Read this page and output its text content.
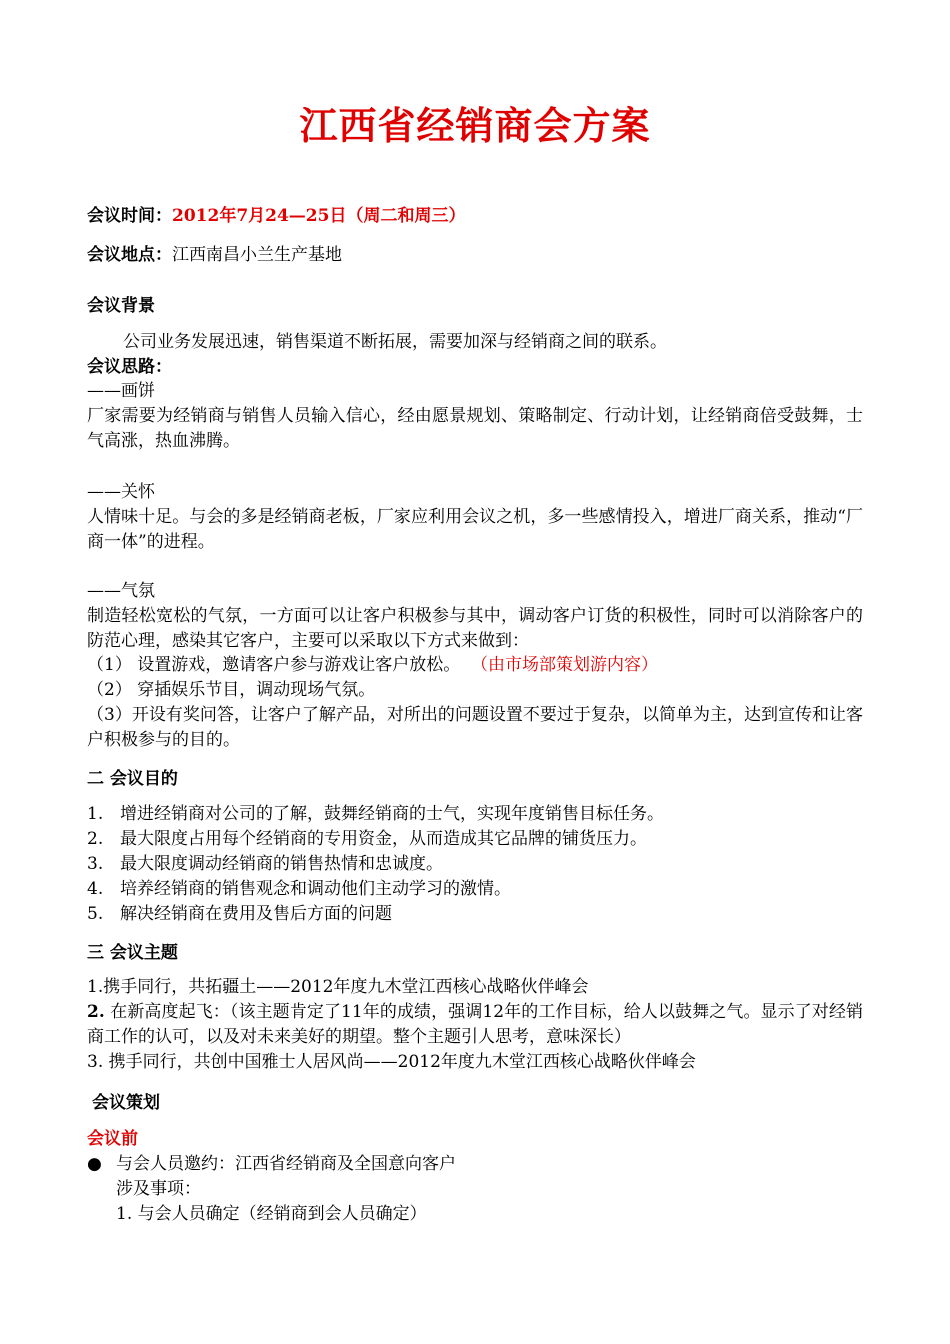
江西省经销商会方案
会议时间：2012年7月24—25日（周二和周三）
会议地点：江西南昌小兰生产基地
会议背景
公司业务发展迅速，销售渠道不断拓展，需要加深与经销商之间的联系。
会议思路：
——画饼
厂家需要为经销商与销售人员输入信心，经由愿景规划、策略制定、行动计划，让经销商倍受鼓舞，士气高涨，热血沸腾。
——关怀
人情味十足。与会的多是经销商老板，厂家应利用会议之机，多一些感情投入，增进厂商关系，推动“厂商一体”的进程。
——气氛
制造轻松宽松的气氛，一方面可以让客户积极参与其中，调动客户订货的积极性，同时可以消除客户的防范心理，感染其它客户，主要可以采取以下方式来做到：
（1） 设置游戏，邀请客户参与游戏让客户放松。 （由市场部策划游内容）
（2） 穿插娱乐节目，调动现场气氛。
（3）开设有奖问答，让客户了解产品，对所出的问题设置不要过于复杂，以简单为主，达到宣传和让客户积极参与的目的。
二 会议目的
1. 增进经销商对公司的了解，鼓舞经销商的士气，实现年度销售目标任务。
2. 最大限度占用每个经销商的专用资金，从而造成其它品牌的铺货压力。
3. 最大限度调动经销商的销售热情和忠诚度。
4. 培养经销商的销售观念和调动他们主动学习的激情。
5. 解决经销商在费用及售后方面的问题
三 会议主题
1.携手同行，共拓疆土——2012年度九木堂江西核心战略伙伴峰会
2. 在新高度起飞：（该主题肯定了11年的成绩，强调12年的工作目标，给人以鼓舞之气。显示了对经销商工作的认可，以及对未来美好的期望。整个主题引人思考，意味深长）
3. 携手同行，共创中国雅士人居风尚——2012年度九木堂江西核心战略伙伴峰会
会议策划
会议前
● 与会人员邀约：江西省经销商及全国意向客户
涉及事项：
1. 与会人员确定（经销商到会人员确定）
